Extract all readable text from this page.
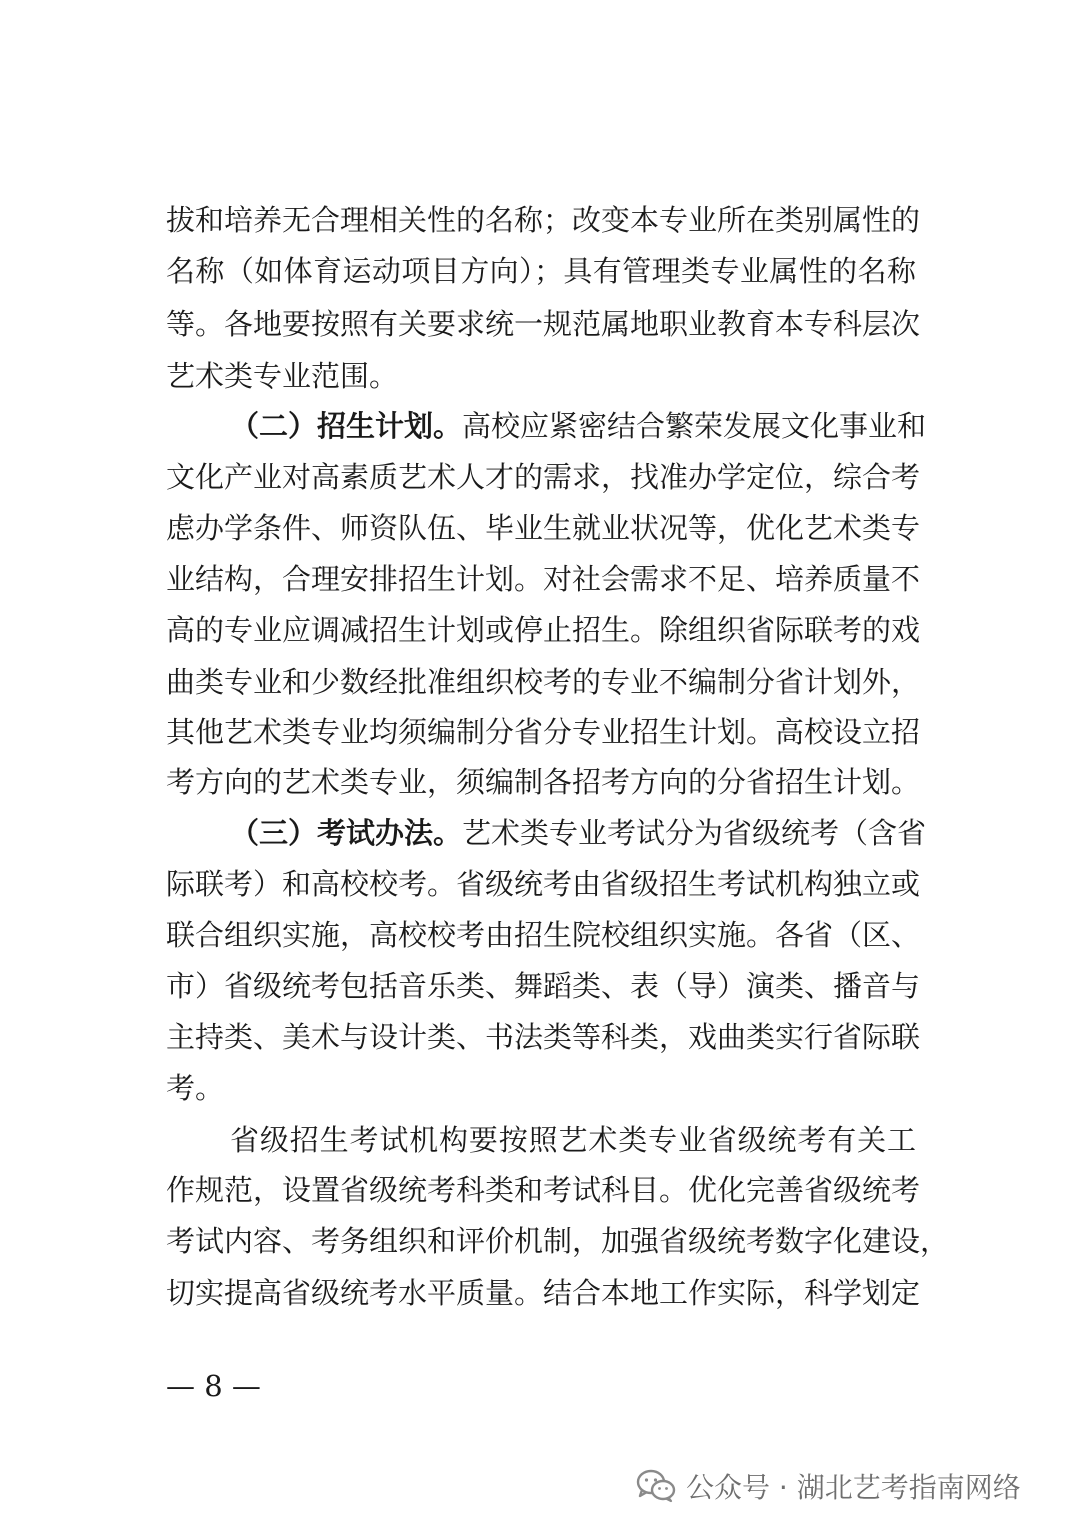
拔和培养无合理相关性的名称；改变本专业所在类别属性的
名称（如体育运动项目方向）；具有管理类专业属性的名称
等。各地要按照有关要求统一规范属地职业教育本专科层次
艺术类专业范围。
（二）招生计划。高校应紧密结合繁荣发展文化事业和
文化产业对高素质艺术人才的需求，找准办学定位，综合考
虑办学条件、师资队伍、毕业生就业状况等，优化艺术类专
业结构，合理安排招生计划。对社会需求不足、培养质量不
高的专业应调减招生计划或停止招生。除组织省际联考的戏
曲类专业和少数经批准组织校考的专业不编制分省计划外，
其他艺术类专业均须编制分省分专业招生计划。高校设立招
考方向的艺术类专业，须编制各招考方向的分省招生计划。
（三）考试办法。艺术类专业考试分为省级统考（含省
际联考）和高校校考。省级统考由省级招生考试机构独立或
联合组织实施，高校校考由招生院校组织实施。各省（区、
市）省级统考包括音乐类、舞蹈类、表（导）演类、播音与
主持类、美术与设计类、书法类等科类，戏曲类实行省际联
考。
省级招生考试机构要按照艺术类专业省级统考有关工
作规范，设置省级统考科类和考试科目。优化完善省级统考
考试内容、考务组织和评价机制，加强省级统考数字化建设，
切实提高省级统考水平质量。结合本地工作实际，科学划定
— 8 —
公众号 · 湖北艺考指南网络
